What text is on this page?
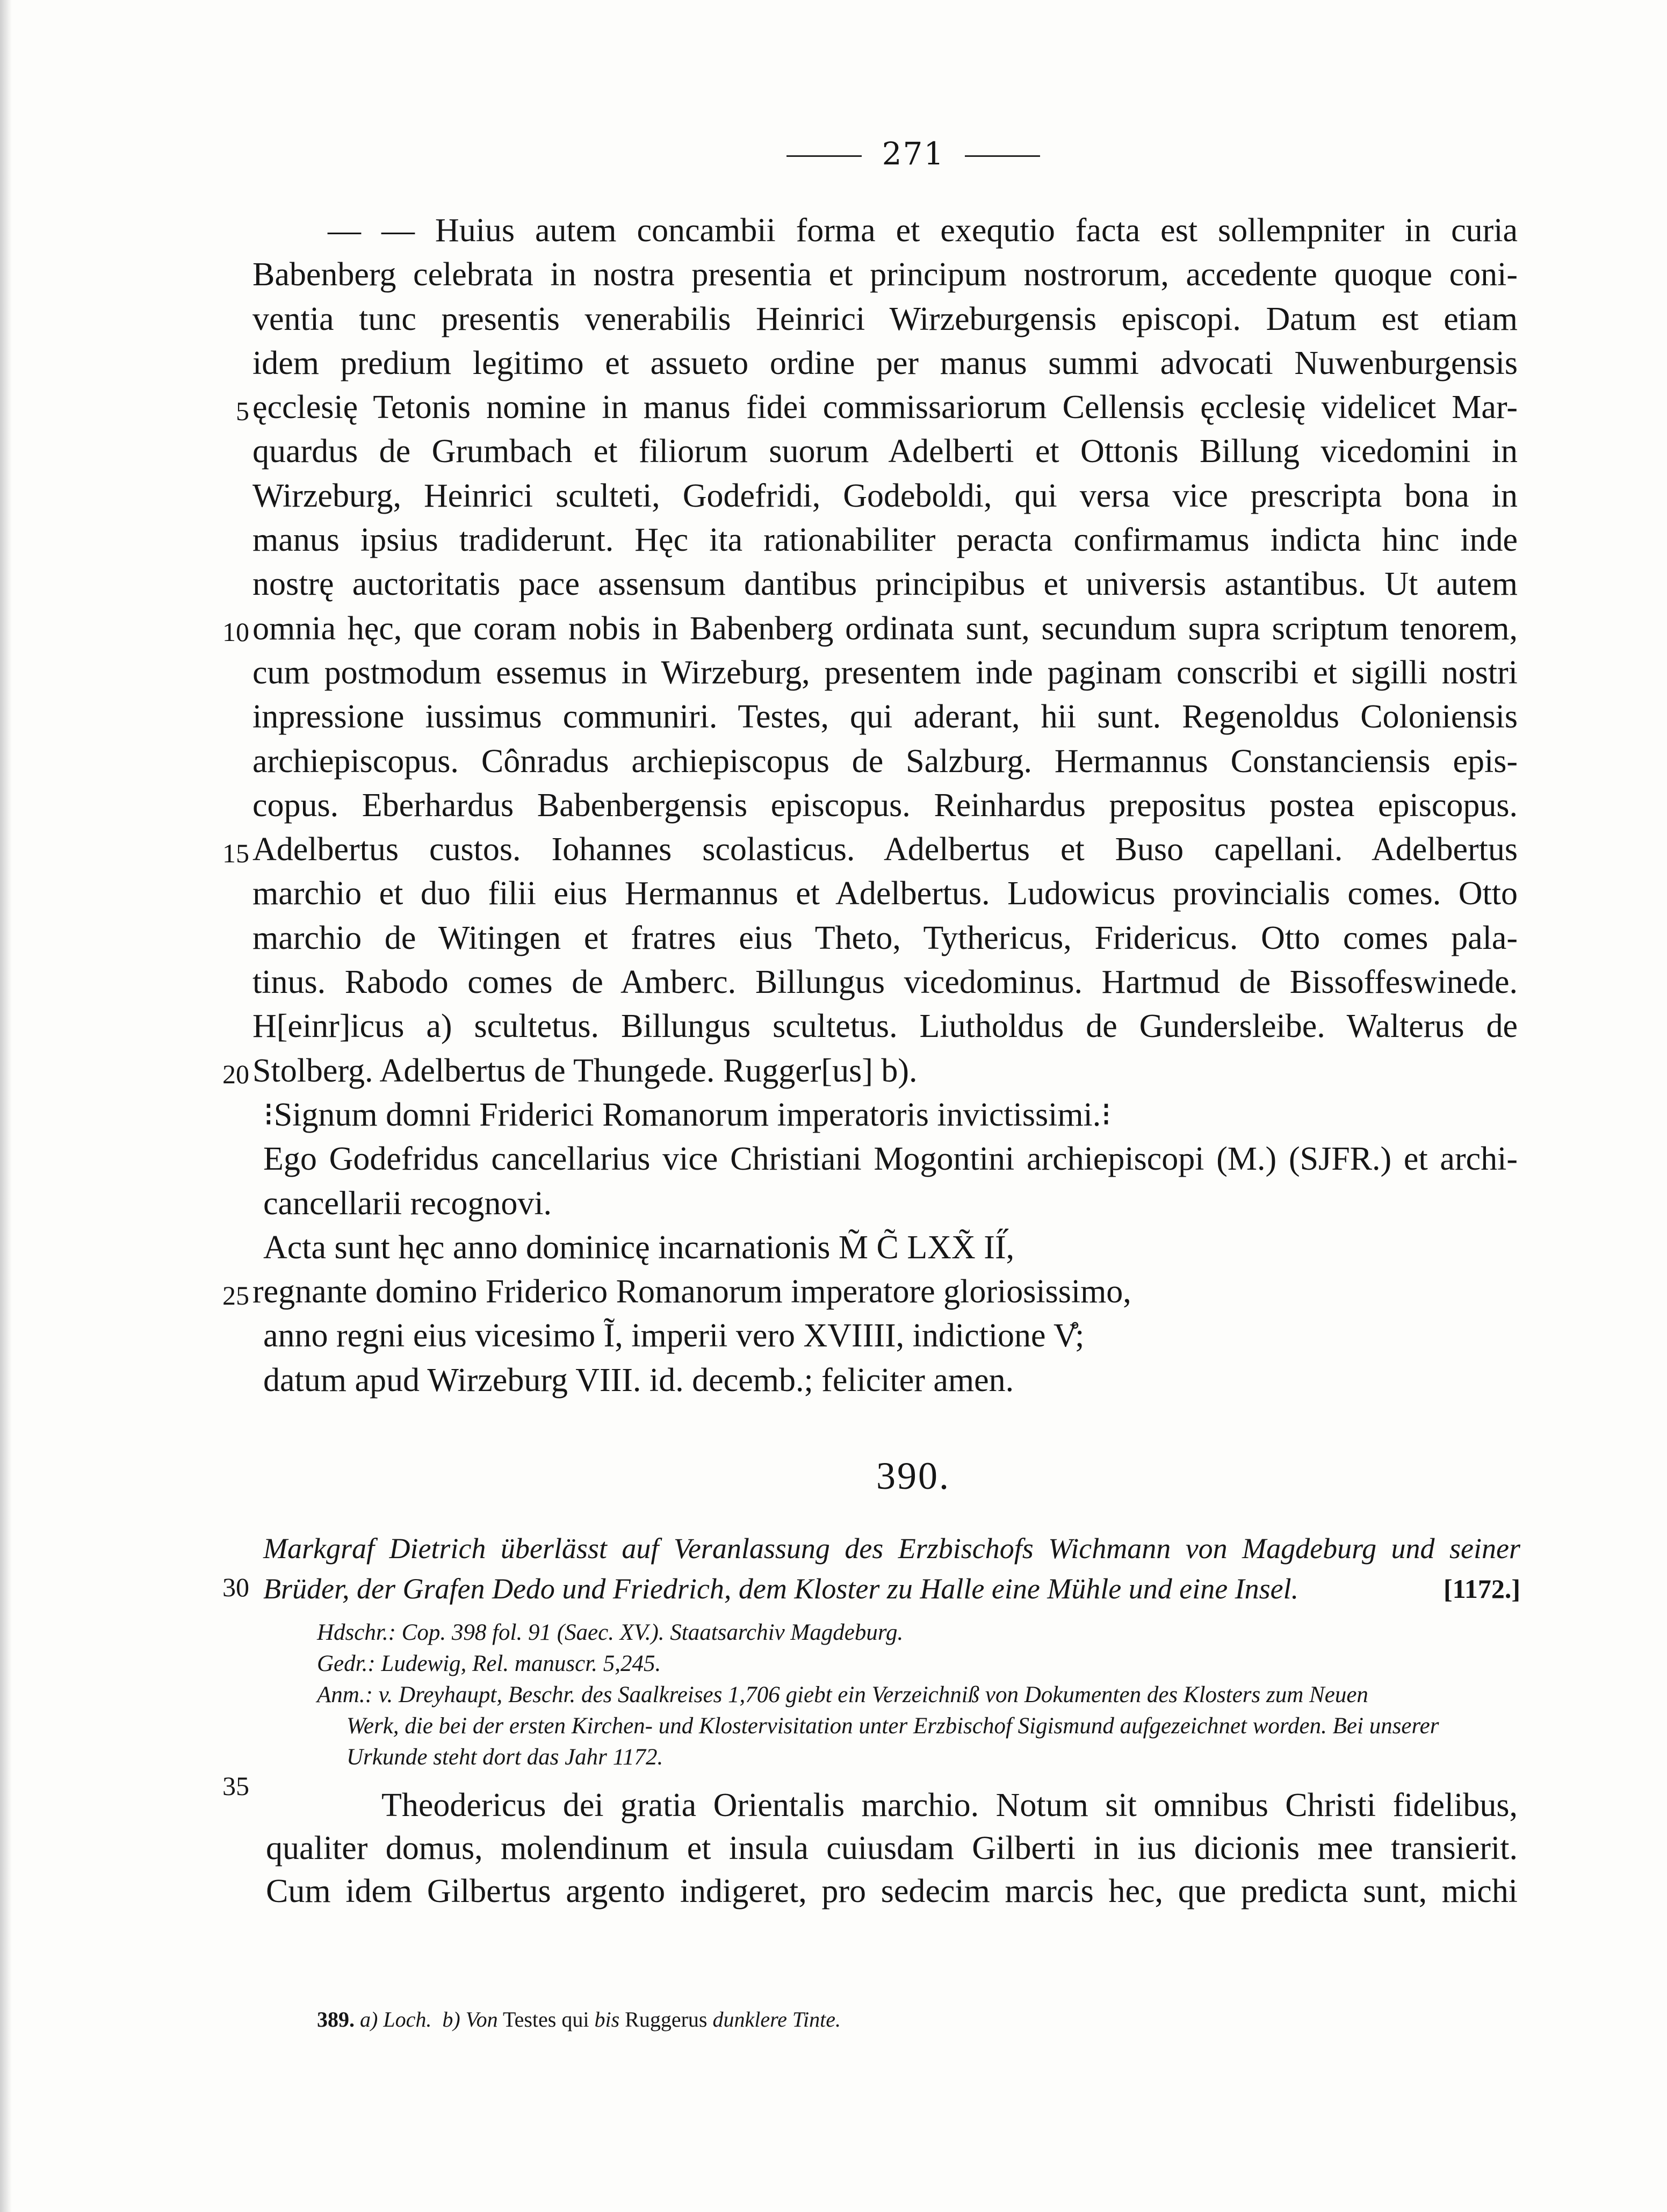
271
5
10
15
20
25
— — Huius autem concambii forma et exequtio facta est sollempniter in curia
Babenberg celebrata in nostra presentia et principum nostrorum, accedente quoque coni-
ventia tunc presentis venerabilis Heinrici Wirzeburgensis episcopi. Datum est etiam
idem predium legitimo et assueto ordine per manus summi advocati Nuwenburgensis
ęcclesię Tetonis nomine in manus fidei commissariorum Cellensis ęcclesię videlicet Mar-
quardus de Grumbach et filiorum suorum Adelberti et Ottonis Billung vicedomini in
Wirzeburg, Heinrici sculteti, Godefridi, Godeboldi, qui versa vice prescripta bona in
manus ipsius tradiderunt. Hęc ita rationabiliter peracta confirmamus indicta hinc inde
nostrę auctoritatis pace assensum dantibus principibus et universis astantibus. Ut autem
omnia hęc, que coram nobis in Babenberg ordinata sunt, secundum supra scriptum tenorem,
cum postmodum essemus in Wirzeburg, presentem inde paginam conscribi et sigilli nostri
inpressione iussimus communiri. Testes, qui aderant, hii sunt. Regenoldus Coloniensis
archiepiscopus. Cônradus archiepiscopus de Salzburg. Hermannus Constanciensis epis-
copus. Eberhardus Babenbergensis episcopus. Reinhardus prepositus postea episcopus.
Adelbertus custos. Iohannes scolasticus. Adelbertus et Buso capellani. Adelbertus
marchio et duo filii eius Hermannus et Adelbertus. Ludowicus provincialis comes. Otto
marchio de Witingen et fratres eius Theto, Tythericus, Fridericus. Otto comes pala-
tinus. Rabodo comes de Amberc. Billungus vicedominus. Hartmud de Bissoffeswinede.
H[einr]icus a) scultetus. Billungus scultetus. Liutholdus de Gundersleibe. Walterus de
Stolberg. Adelbertus de Thungede. Rugger[us] b).
⁝Signum domni Friderici Romanorum imperatoris invictissimi.⁝
Ego Godefridus cancellarius vice Christiani Mogontini archiepiscopi (M.) (SJFR.) et archi-
cancellarii recognovi.
Acta sunt hęc anno dominicę incarnationis M̃ C̃ LXX̃ II̋,
regnante domino Friderico Romanorum imperatore gloriosissimo,
anno regni eius vicesimo Ĩ, imperii vero XVIIII, indictione V̊;
datum apud Wirzeburg VIII. id. decemb.; feliciter amen.
390.
30
Markgraf Dietrich überlässt auf Veranlassung des Erzbischofs Wichmann von Magdeburg und seiner
Brüder, der Grafen Dedo und Friedrich, dem Kloster zu Halle eine Mühle und eine Insel.	[1172.]
35
Hdschr.: Cop. 398 fol. 91 (Saec. XV.). Staatsarchiv Magdeburg.
Gedr.: Ludewig, Rel. manuscr. 5,245.
Anm.: v. Dreyhaupt, Beschr. des Saalkreises 1,706 giebt ein Verzeichniß von Dokumenten des Klosters zum Neuen
Werk, die bei der ersten Kirchen- und Klostervisitation unter Erzbischof Sigismund aufgezeichnet worden. Bei unserer
Urkunde steht dort das Jahr 1172.
Theodericus dei gratia Orientalis marchio. Notum sit omnibus Christi fidelibus,
qualiter domus, molendinum et insula cuiusdam Gilberti in ius dicionis mee transierit.
Cum idem Gilbertus argento indigeret, pro sedecim marcis hec, que predicta sunt, michi
389. a) Loch. b) Von Testes qui bis Ruggerus dunklere Tinte.
